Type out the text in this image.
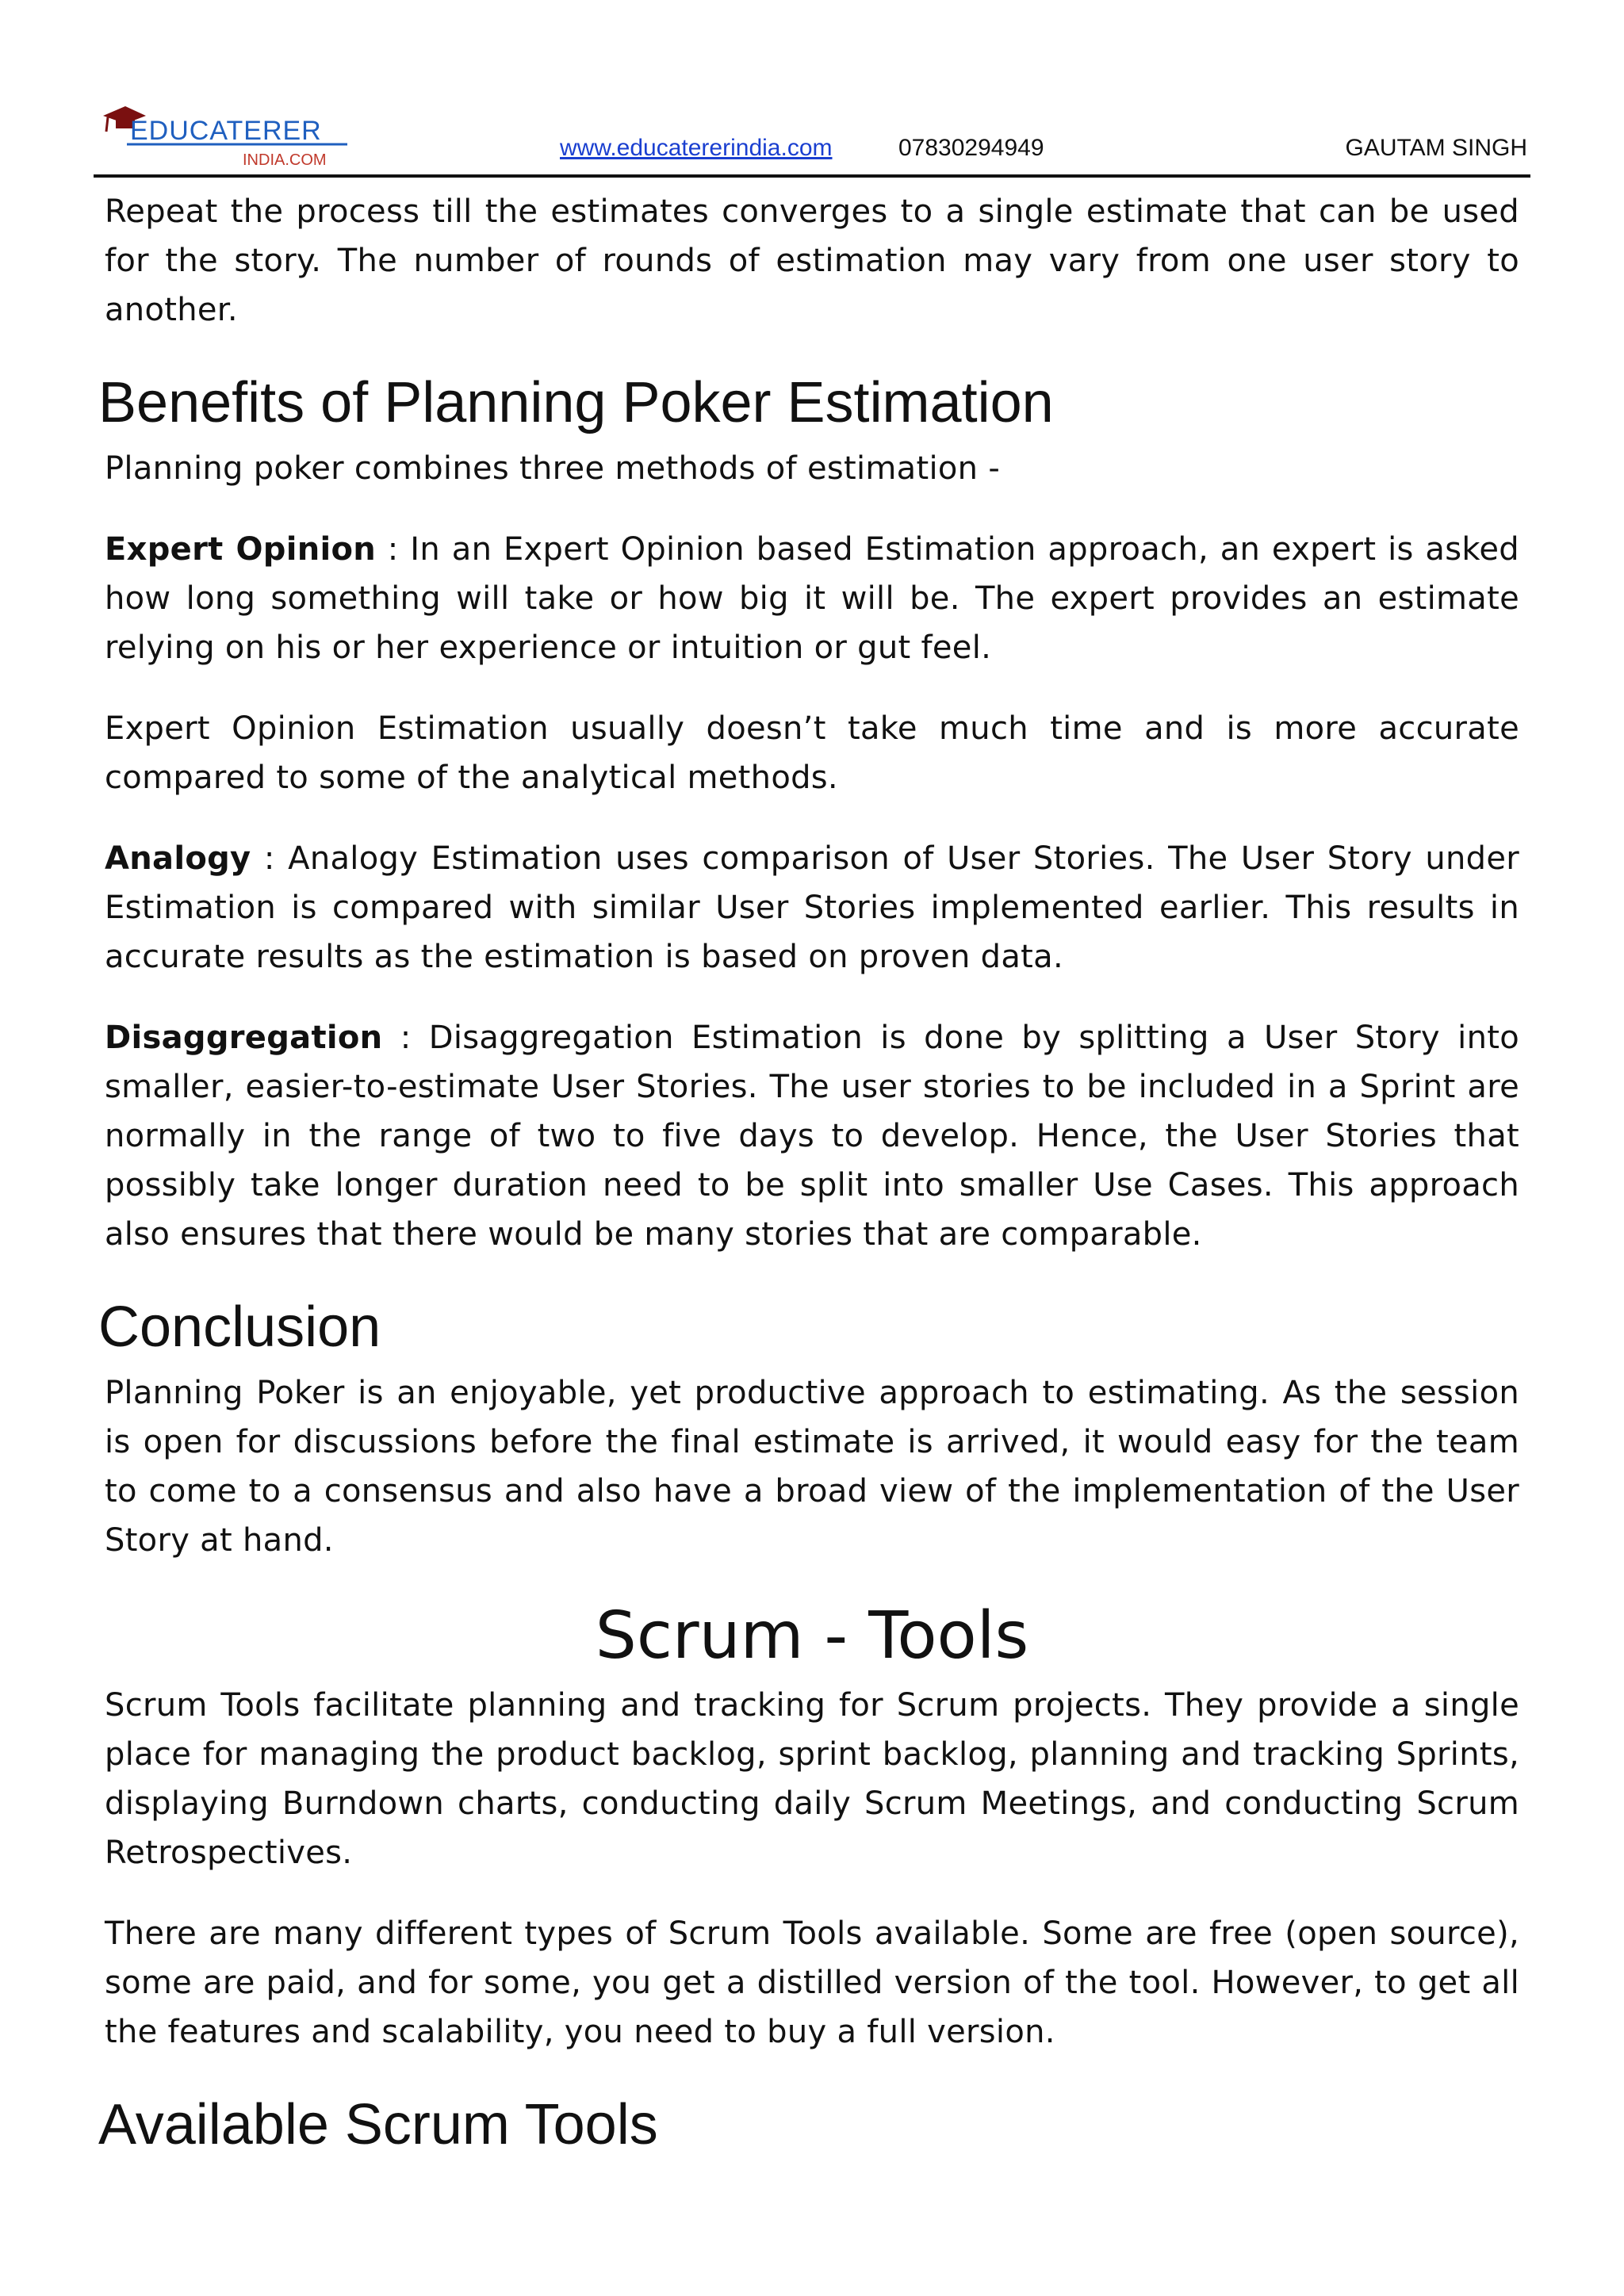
EDUCATERER
INDIA.COM	www.educatererindia.com	07830294949	GAUTAM SINGH

Repeat the process till the estimates converges to a single estimate that can be used for the story. The number of rounds of estimation may vary from one user story to another.

Benefits of Planning Poker Estimation

Planning poker combines three methods of estimation -

Expert Opinion : In an Expert Opinion based Estimation approach, an expert is asked how long something will take or how big it will be. The expert provides an estimate relying on his or her experience or intuition or gut feel.

Expert Opinion Estimation usually doesn’t take much time and is more accurate compared to some of the analytical methods.

Analogy : Analogy Estimation uses comparison of User Stories. The User Story under Estimation is compared with similar User Stories implemented earlier. This results in accurate results as the estimation is based on proven data.

Disaggregation : Disaggregation Estimation is done by splitting a User Story into smaller, easier-to-estimate User Stories. The user stories to be included in a Sprint are normally in the range of two to five days to develop. Hence, the User Stories that possibly take longer duration need to be split into smaller Use Cases. This approach also ensures that there would be many stories that are comparable.

Conclusion

Planning Poker is an enjoyable, yet productive approach to estimating. As the session is open for discussions before the final estimate is arrived, it would easy for the team to come to a consensus and also have a broad view of the implementation of the User Story at hand.

Scrum - Tools

Scrum Tools facilitate planning and tracking for Scrum projects. They provide a single place for managing the product backlog, sprint backlog, planning and tracking Sprints, displaying Burndown charts, conducting daily Scrum Meetings, and conducting Scrum Retrospectives.

There are many different types of Scrum Tools available. Some are free (open source), some are paid, and for some, you get a distilled version of the tool. However, to get all the features and scalability, you need to buy a full version.

Available Scrum Tools
